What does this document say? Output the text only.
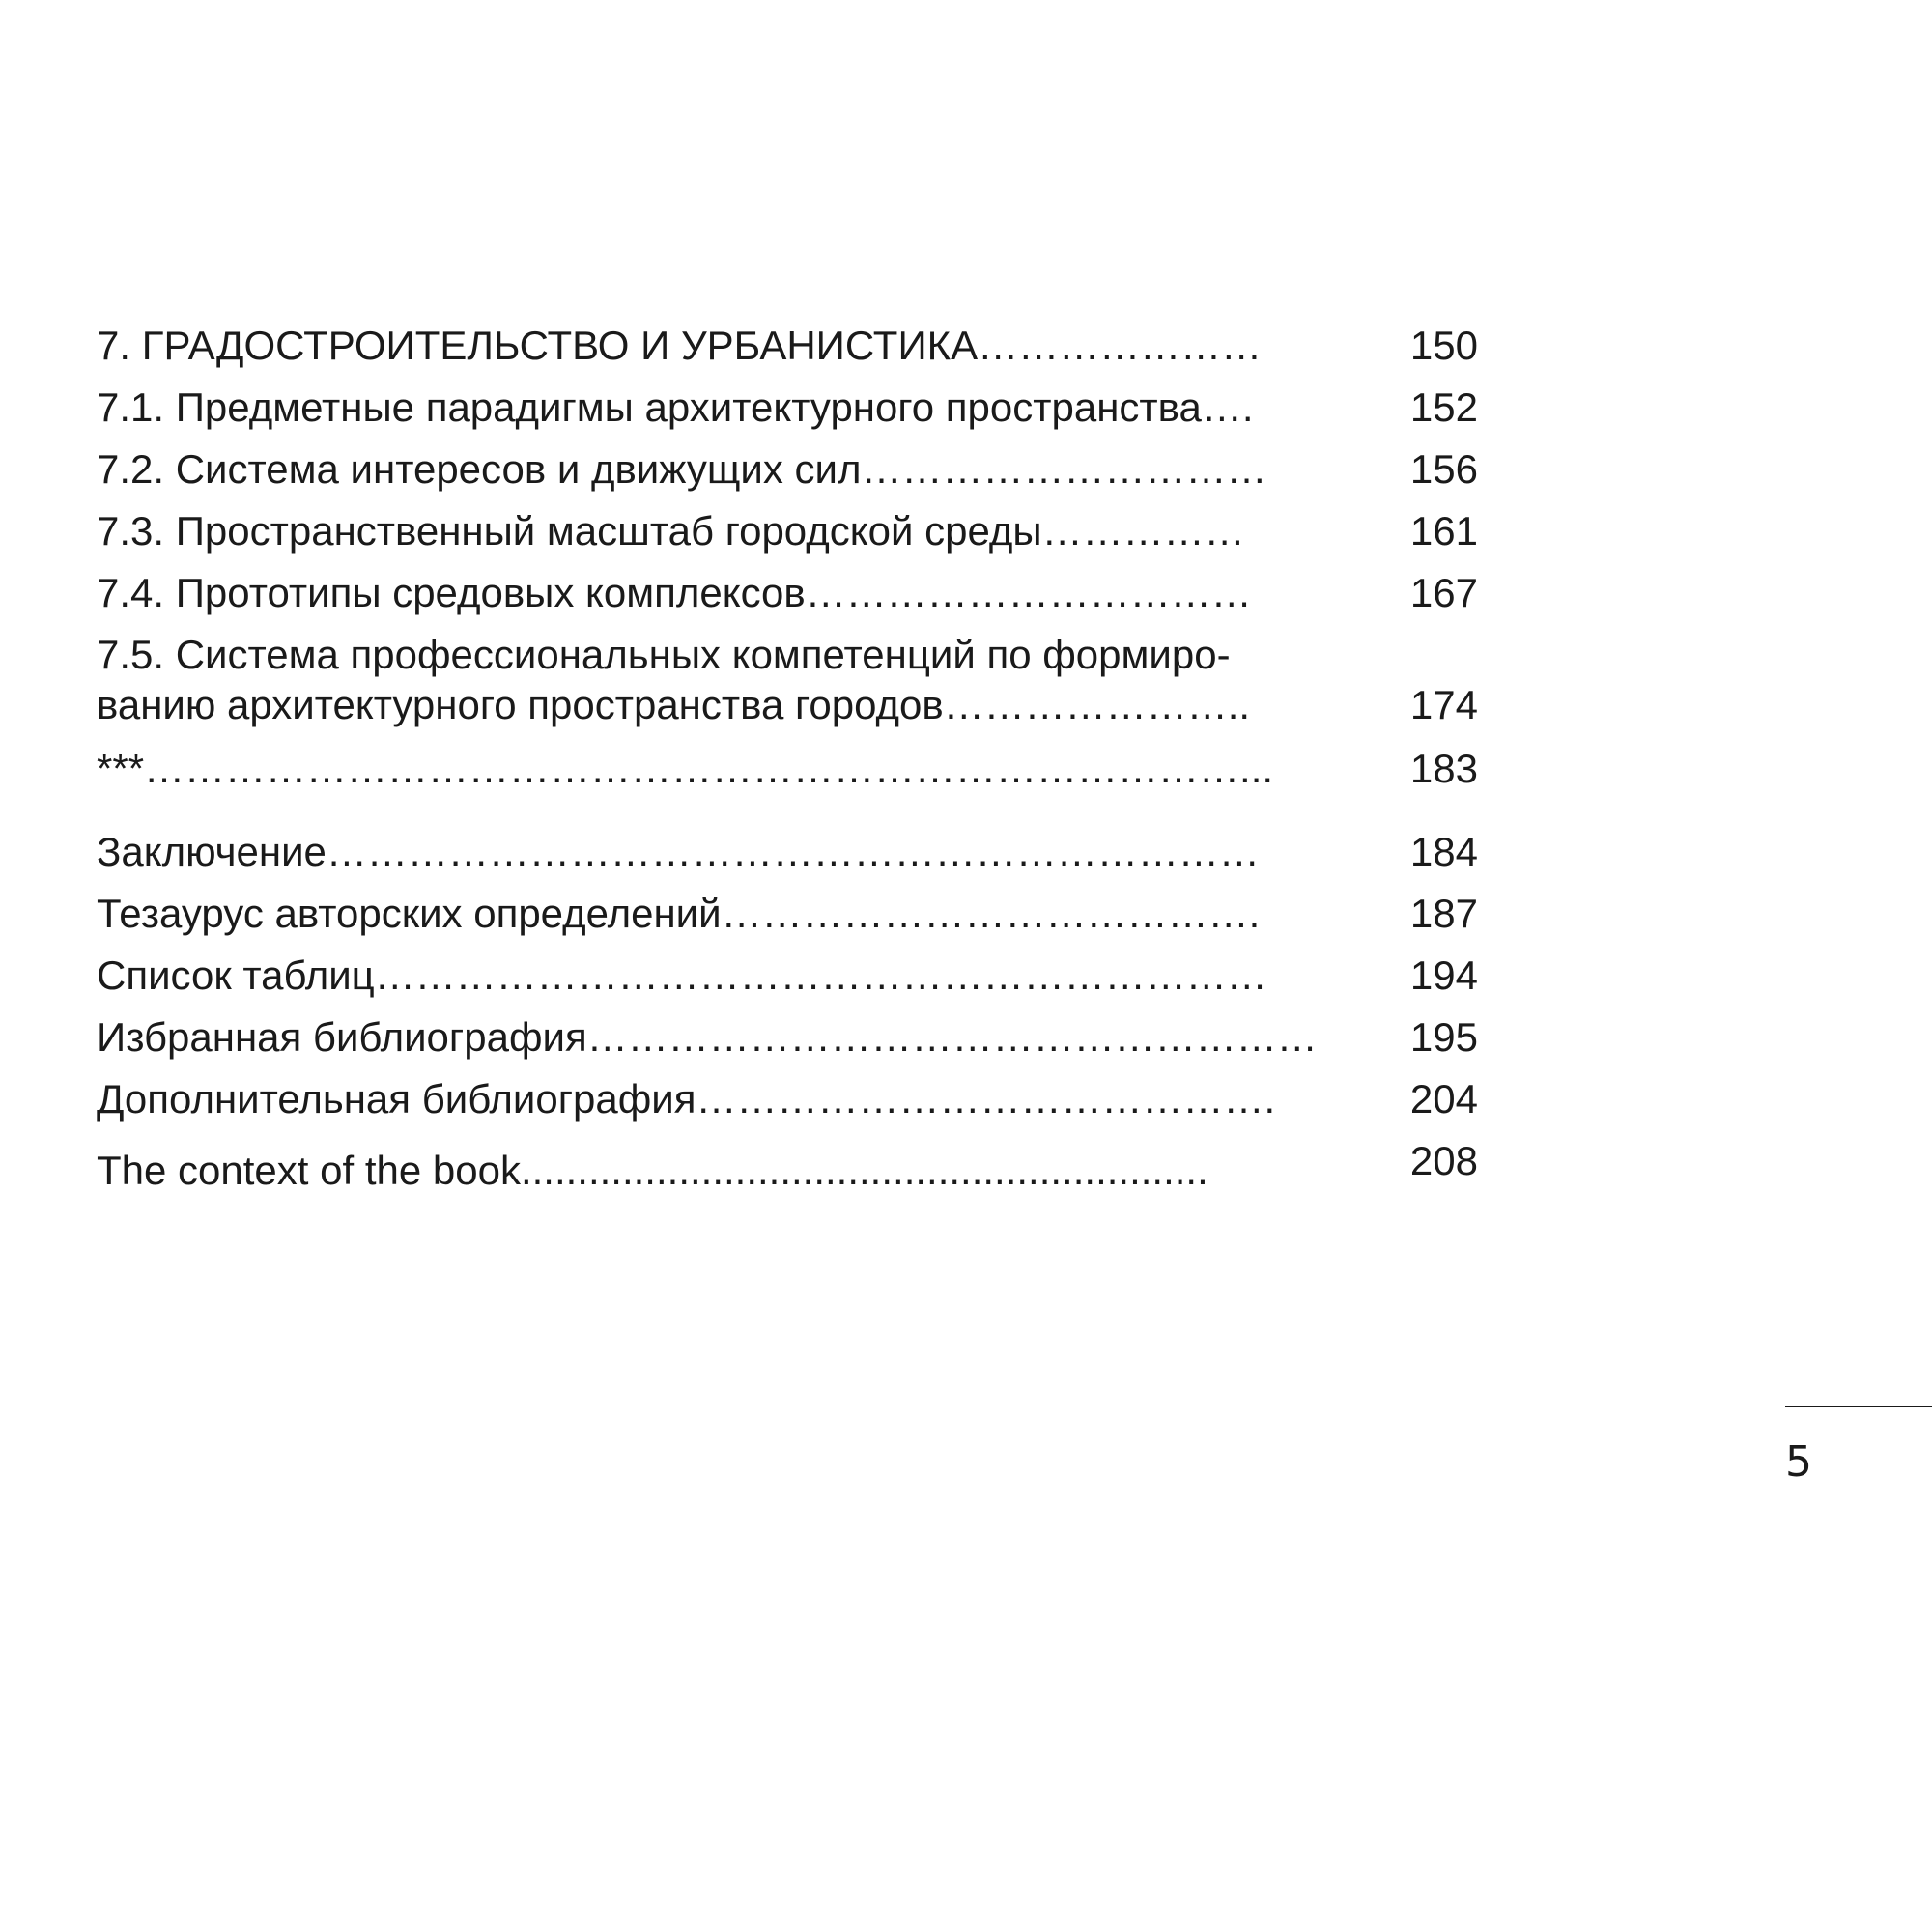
7. ГРАДОСТРОИТЕЛЬСТВО И УРБАНИСТИКА…………………	150
7.1. Предметные парадигмы архитектурного пространства….	152
7.2. Система интересов и движущих сил…………………………	156
7.3. Пространственный масштаб городской среды……………	161
7.4. Прототипы средовых комплексов……………………………	167
7.5. Система профессиональных компетенций по формиро-
ванию архитектурного пространства городов…………………..	174
***………………………………………………………………………...	183
Заключение……………………………………………………………	184
Тезаурус авторских определений………………………………….	187
Список таблиц…………………………………………………………	194
Избранная библиография………………………………………………	195
Дополнительная библиография…………………………………….	204
The context of the book.............................................................	208
5
